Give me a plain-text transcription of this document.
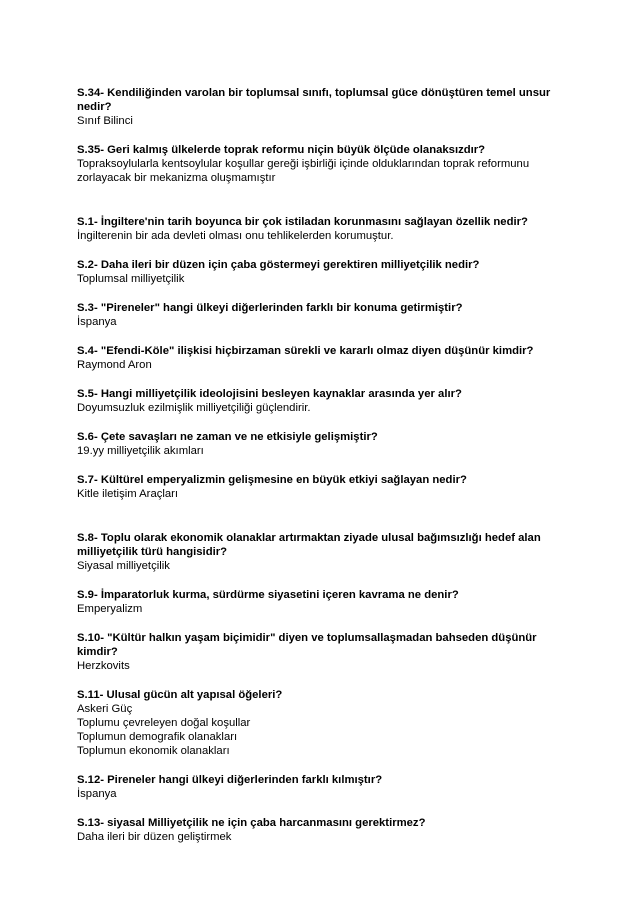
S.34- Kendiliğinden varolan bir toplumsal sınıfı, toplumsal güce dönüştüren temel unsur nedir?
Sınıf Bilinci
S.35- Geri kalmış ülkelerde toprak reformu niçin büyük ölçüde olanaksızdır?
Topraksoylularla kentsoylular koşullar gereği işbirliği içinde olduklarından toprak reformunu zorlayacak bir mekanizma oluşmamıştır
S.1- İngiltere'nin tarih boyunca bir çok istiladan korunmasını sağlayan özellik nedir?
İngilterenin bir ada devleti olması onu tehlikelerden korumuştur.
S.2- Daha ileri bir düzen için çaba göstermeyi gerektiren milliyetçilik nedir?
Toplumsal milliyetçilik
S.3- "Pireneler" hangi ülkeyi diğerlerinden farklı bir konuma getirmiştir?
İspanya
S.4- "Efendi-Köle" ilişkisi hiçbirzaman sürekli ve kararlı olmaz diyen düşünür kimdir?
Raymond Aron
S.5- Hangi milliyetçilik ideolojisini besleyen kaynaklar arasında yer alır?
Doyumsuzluk ezilmişlik milliyetçiliği güçlendirir.
S.6- Çete savaşları ne zaman ve ne etkisiyle gelişmiştir?
19.yy milliyetçilik akımları
S.7- Kültürel emperyalizmin gelişmesine en büyük etkiyi sağlayan nedir?
Kitle iletişim Araçları
S.8- Toplu olarak ekonomik olanaklar artırmaktan ziyade ulusal bağımsızlığı hedef alan milliyetçilik türü hangisidir?
Siyasal milliyetçilik
S.9- İmparatorluk kurma, sürdürme siyasetini içeren kavrama ne denir?
Emperyalizm
S.10- "Kültür halkın yaşam biçimidir" diyen ve toplumsallaşmadan bahseden düşünür kimdir?
Herzkovits
S.11- Ulusal gücün alt yapısal öğeleri?
Askeri Güç
Toplumu çevreleyen doğal koşullar
Toplumun demografik olanakları
Toplumun ekonomik olanakları
S.12- Pireneler hangi ülkeyi diğerlerinden farklı kılmıştır?
İspanya
S.13- siyasal Milliyetçilik ne için çaba harcanmasını gerektirmez?
Daha ileri bir düzen geliştirmek
